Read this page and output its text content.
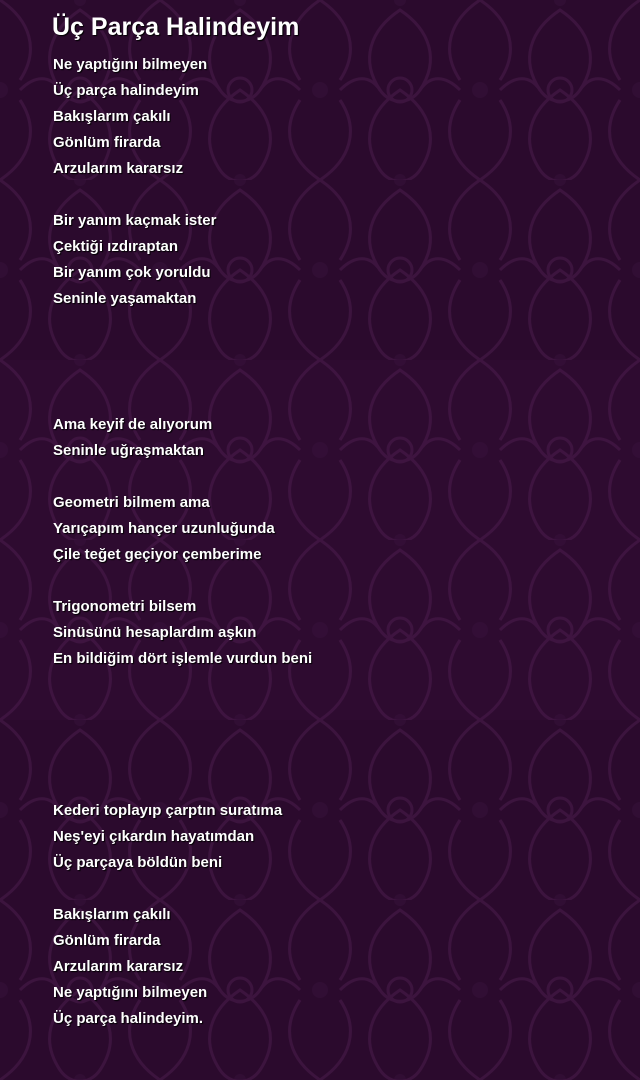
Üç Parça Halindeyim
Ne yaptığını bilmeyen
Üç parça halindeyim
Bakışlarım çakılı
Gönlüm firarda
Arzularım kararsız
Bir yanım kaçmak ister
Çektiği ızdıraptan
Bir yanım çok yoruldu
Seninle yaşamaktan
Ama keyif de alıyorum
Seninle uğraşmaktan
Geometri bilmem ama
Yarıçapım hançer uzunluğunda
Çile teğet geçiyor çemberime
Trigonometri bilsem
Sinüsünü hesaplardım aşkın
En bildiğim dört işlemle vurdun beni
Kederi toplayıp çarptın suratıma
Neş'eyi çıkardın hayatımdan
Üç parçaya böldün beni
Bakışlarım çakılı
Gönlüm firarda
Arzularım kararsız
Ne yaptığını bilmeyen
Üç parça halindeyim.
